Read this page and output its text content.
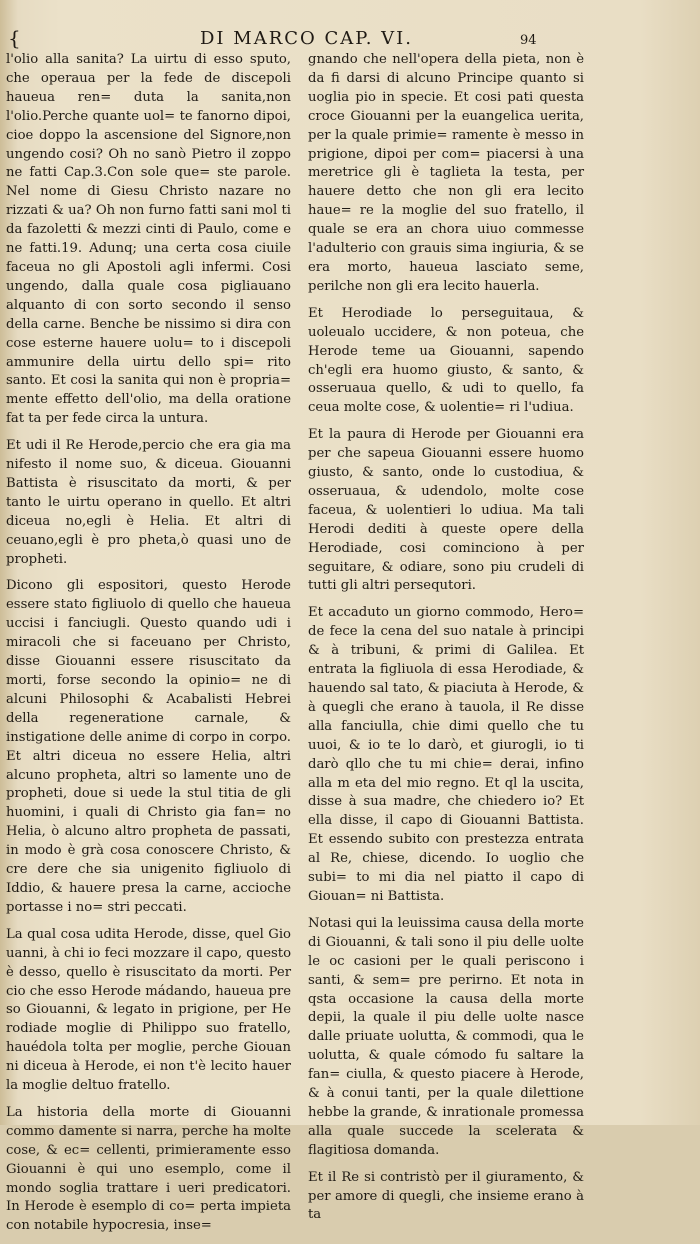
{	DI MARCO CAP. VI.	94

l'olio alla sanita? La uirtu di esso sputo, che operaua per la fede de discepoli haueua ren= duta la sanita,non l'olio.Perche quante uol= te fanorno dipoi, cioe doppo la ascensione del Signore,non ungendo cosi? Oh no sanò Pietro il zoppo ne fatti Cap.3.Con sole que= ste parole. Nel nome di Giesu Christo nazare no rizzati & ua? Oh non furno fatti sani mol ti da fazoletti & mezzi cinti di Paulo, come e ne fatti.19. Adunq; una certa cosa ciuile faceua no gli Apostoli agli infermi. Cosi ungendo, dalla quale cosa pigliauano alquanto di con sorto secondo il senso della carne. Benche be nissimo si dira con cose esterne hauere uolu= to i discepoli ammunire della uirtu dello spi= rito santo. Et cosi la sanita qui non è propria= mente effetto dell'olio, ma della oratione fat ta per fede circa la untura.

Et udi il Re Herode,percio che era gia ma nifesto il nome suo, & diceua. Giouanni Battista è risuscitato da morti, & per tanto le uirtu operano in quello. Et altri diceua no,egli è Helia. Et altri di ceuano,egli è pro pheta,ò quasi uno de propheti.

Dicono gli espositori, questo Herode essere stato figliuolo di quello che haueua uccisi i fanciugli. Questo quando udi i miracoli che si faceuano per Christo, disse Giouanni essere risuscitato da morti, forse secondo la opinio= ne di alcuni Philosophi & Acabalisti Hebrei della regeneratione carnale, & instigatione delle anime di corpo in corpo. Et altri diceua no essere Helia, altri alcuno propheta, altri so lamente uno de propheti, doue si uede la stul titia de gli huomini, i quali di Christo gia fan= no Helia, ò alcuno altro propheta de passati, in modo è grà cosa conoscere Christo, & cre dere che sia unigenito figliuolo di Iddio, & hauere presa la carne, accioche portasse i no= stri peccati.

La qual cosa udita Herode, disse, quel Gio uanni, à chi io feci mozzare il capo, questo è desso, quello è risuscitato da morti. Per cio che esso Herode mádando, haueua pre so Giouanni, & legato in prigione, per He rodiade moglie di Philippo suo fratello, hauédola tolta per moglie, perche Giouan ni diceua à Herode, ei non t'è lecito hauer la moglie deltuo fratello.

La historia della morte di Giouanni commo damente si narra, perche ha molte cose, & ec= cellenti, primieramente esso Giouanni è qui uno esemplo, come il mondo soglia trattare i ueri predicatori. In Herode è esemplo di co= perta impieta con notabile hypocresia, inse=

gnando che nell'opera della pieta, non è da fi darsi di alcuno Principe quanto si uoglia pio in specie. Et cosi pati questa croce Giouanni per la euangelica uerita, per la quale primie= ramente è messo in prigione, dipoi per com= piacersi à una meretrice gli è taglieta la testa, per hauere detto che non gli era lecito haue= re la moglie del suo fratello, il quale se era an chora uiuo commesse l'adulterio con grauis sima ingiuria, & se era morto, haueua lasciato seme, perilche non gli era lecito hauerla.

Et Herodiade lo perseguitaua, & uoleualo uccidere, & non poteua, che Herode teme ua Giouanni, sapendo ch'egli era huomo giusto, & santo, & osseruaua quello, & udi to quello, fa ceua molte cose, & uolentie= ri l'udiua.

Et la paura di Herode per Giouanni era per che sapeua Giouanni essere huomo giusto, & santo, onde lo custodiua, & osseruaua, & udendolo, molte cose faceua, & uolentieri lo udiua. Ma tali Herodi dediti à queste opere della Herodiade, cosi cominciono à per seguitare, & odiare, sono piu crudeli di tutti gli altri persequtori.

Et accaduto un giorno commodo, Hero= de fece la cena del suo natale à principi & à tribuni, & primi di Galilea. Et entrata la figliuola di essa Herodiade, & hauendo sal tato, & piaciuta à Herode, & à quegli che erano à tauola, il Re disse alla fanciulla, chie dimi quello che tu uuoi, & io te lo darò, et giurogli, io ti darò qllo che tu mi chie= derai, infino alla m eta del mio regno. Et ql la uscita, disse à sua madre, che chiedero io? Et ella disse, il capo di Giouanni Battista. Et essendo subito con prestezza entrata al Re, chiese, dicendo. Io uoglio che subi= to mi dia nel piatto il capo di Giouan= ni Battista.

Notasi qui la leuissima causa della morte di Giouanni, & tali sono il piu delle uolte le oc casioni per le quali periscono i santi, & sem= pre perirno. Et nota in qsta occasione la causa della morte depii, la quale il piu delle uolte nasce dalle priuate uolutta, & commodi, qua le uolutta, & quale cómodo fu saltare la fan= ciulla, & questo piacere à Herode, & à conui tanti, per la quale dilettione hebbe la grande, & inrationale promessa alla quale succede la scelerata & flagitiosa domanda.

Et il Re si contristò per il giuramento, & per amore di quegli, che insieme erano à ta
